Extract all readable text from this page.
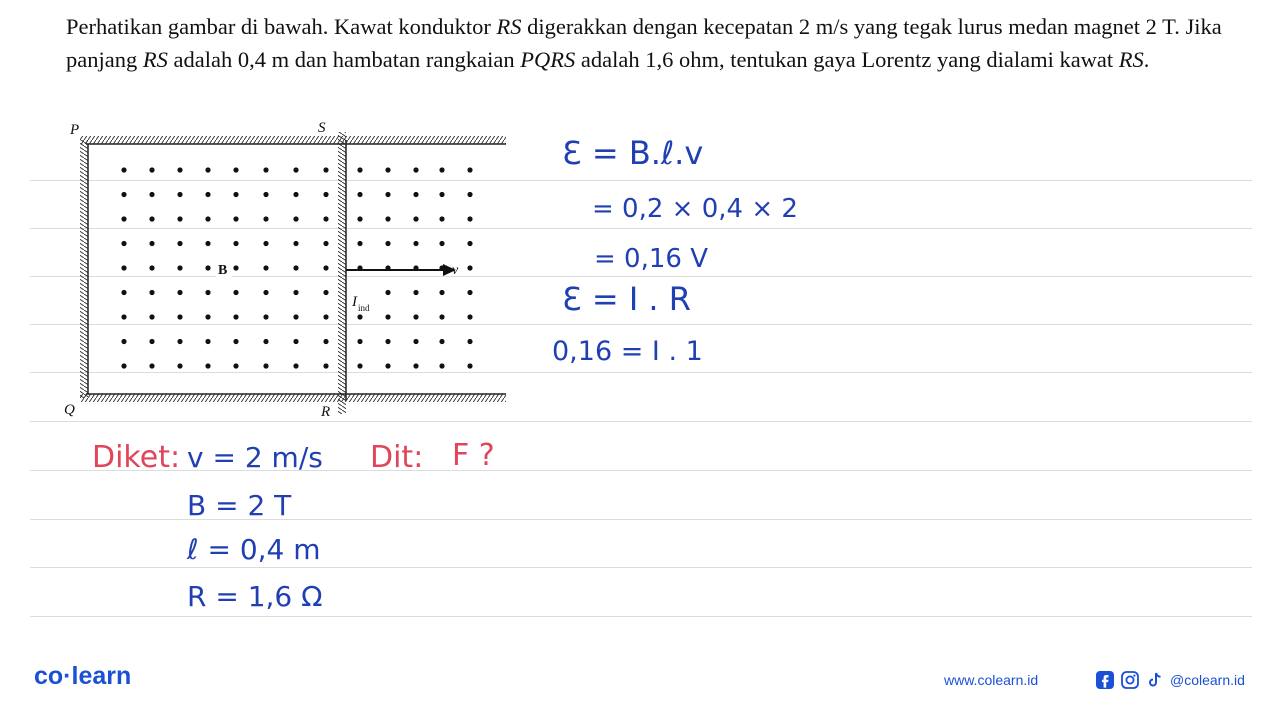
Perhatikan gambar di bawah. Kawat konduktor RS digerakkan dengan kecepatan 2 m/s yang tegak lurus medan magnet 2 T. Jika panjang RS adalah 0,4 m dan hambatan rangkaian PQRS adalah 1,6 ohm, tentukan gaya Lorentz yang dialami kawat RS.

P	S
Q	R
B	v
I ind
Ɛ = B.ℓ.v
= 0,2 × 0,4 × 2
= 0,16 V
Ɛ = I . R
0,16 = I . 1
Diket: v = 2 m/s Dit: F ?
B = 2 T
ℓ = 0,4 m
R = 1,6 Ω
co·learn	www.colearn.id	@colearn.id
